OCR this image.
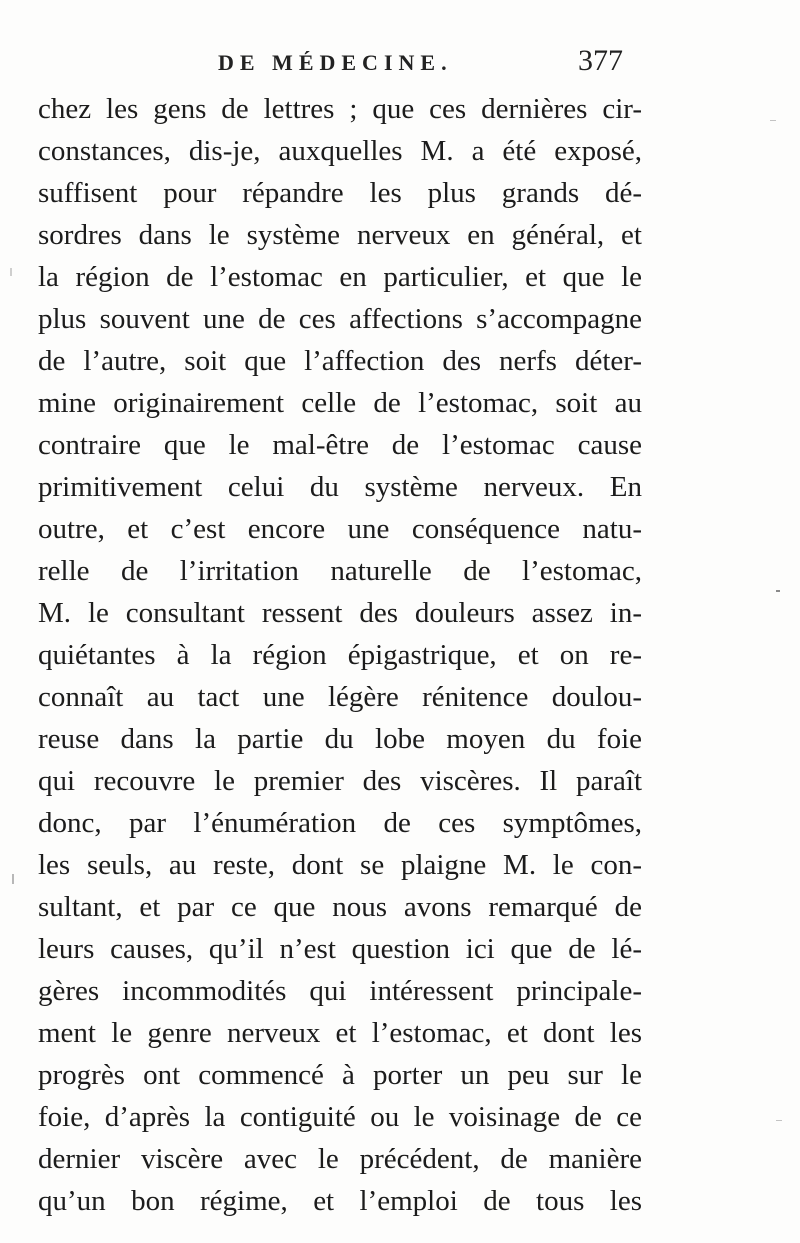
DE MÉDECINE.	377
chez les gens de lettres ; que ces dernières cir-
constances, dis-je, auxquelles M. a été exposé,
suffisent pour répandre les plus grands dé-
sordres dans le système nerveux en général, et
la région de l’estomac en particulier, et que le
plus souvent une de ces affections s’accompagne
de l’autre, soit que l’affection des nerfs déter-
mine originairement celle de l’estomac, soit au
contraire que le mal-être de l’estomac cause
primitivement celui du système nerveux. En
outre, et c’est encore une conséquence natu-
relle de l’irritation naturelle de l’estomac,
M. le consultant ressent des douleurs assez in-
quiétantes à la région épigastrique, et on re-
connaît au tact une légère rénitence doulou-
reuse dans la partie du lobe moyen du foie
qui recouvre le premier des viscères. Il paraît
donc, par l’énumération de ces symptômes,
les seuls, au reste, dont se plaigne M. le con-
sultant, et par ce que nous avons remarqué de
leurs causes, qu’il n’est question ici que de lé-
gères incommodités qui intéressent principale-
ment le genre nerveux et l’estomac, et dont les
progrès ont commencé à porter un peu sur le
foie, d’après la contiguité ou le voisinage de ce
dernier viscère avec le précédent, de manière
qu’un bon régime, et l’emploi de tous les
